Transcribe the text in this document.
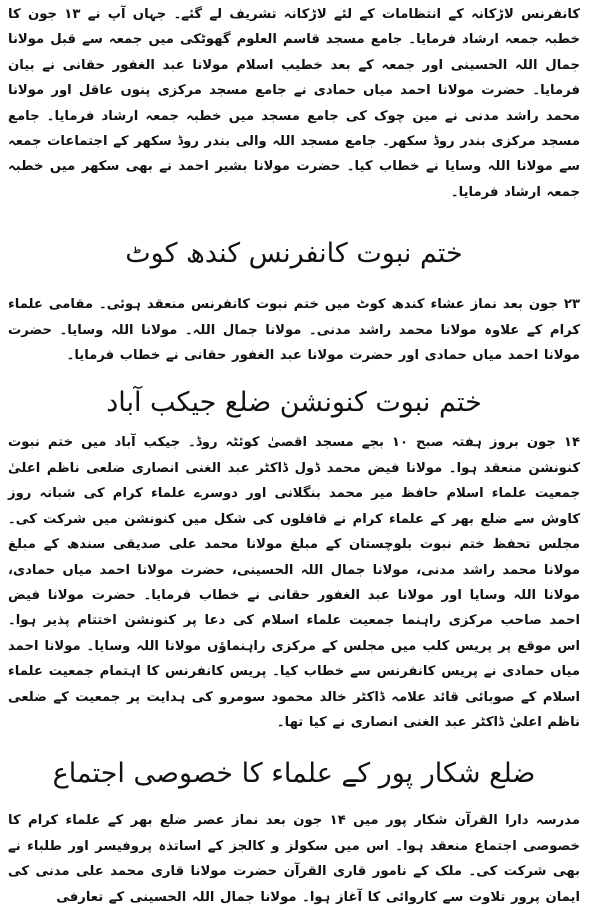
کانفرنس لاڑکانہ کے انتظامات کے لئے لاڑکانہ تشریف لے گئے۔ جہاں آپ نے ۱۳ جون کا خطبہ جمعہ ارشاد فرمایا۔ جامع مسجد قاسم العلوم گھوٹکی میں جمعہ سے قبل مولانا جمال اللہ الحسینی اور جمعہ کے بعد خطیب اسلام مولانا عبد الغفور حقانی نے بیان فرمایا۔ حضرت مولانا احمد میاں حمادی نے جامع مسجد مرکزی پنوں عاقل اور مولانا محمد راشد مدنی نے مین چوک کی جامع مسجد میں خطبہ جمعہ ارشاد فرمایا۔ جامع مسجد مرکزی بندر روڈ سکھر۔ جامع مسجد اللہ والی بندر روڈ سکھر کے اجتماعات جمعہ سے مولانا اللہ وسایا نے خطاب کیا۔ حضرت مولانا بشیر احمد نے بھی سکھر میں خطبہ جمعہ ارشاد فرمایا۔

ختم نبوت کانفرنس کندھ کوٹ

۲۳ جون بعد نماز عشاء کندھ کوٹ میں ختم نبوت کانفرنس منعقد ہوئی۔ مقامی علماء کرام کے علاوہ مولانا محمد راشد مدنی۔ مولانا جمال اللہ۔ مولانا اللہ وسایا۔ حضرت مولانا احمد میاں حمادی اور حضرت مولانا عبد الغفور حقانی نے خطاب فرمایا۔

ختم نبوت کنونشن ضلع جیکب آباد

۱۴ جون بروز ہفتہ صبح ۱۰ بجے مسجد اقصیٰ کوئٹہ روڈ۔ جیکب آباد میں ختم نبوت کنونشن منعقد ہوا۔ مولانا فیض محمد ڈول ڈاکٹر عبد الغنی انصاری ضلعی ناظم اعلیٰ جمعیت علماء اسلام حافظ میر محمد بنگلانی اور دوسرے علماء کرام کی شبانہ روز کاوش سے ضلع بھر کے علماء کرام نے قافلوں کی شکل میں کنونشن میں شرکت کی۔ مجلس تحفظ ختم نبوت بلوچستان کے مبلغ مولانا محمد علی صدیقی سندھ کے مبلغ مولانا محمد راشد مدنی، مولانا جمال اللہ الحسینی، حضرت مولانا احمد میاں حمادی، مولانا اللہ وسایا اور مولانا عبد الغفور حقانی نے خطاب فرمایا۔ حضرت مولانا فیض احمد صاحب مرکزی راہنما جمعیت علماء اسلام کی دعا پر کنونشن اختتام پذیر ہوا۔ اس موقع پر پریس کلب میں مجلس کے مرکزی راہنماؤں مولانا اللہ وسایا۔ مولانا احمد میاں حمادی نے پریس کانفرنس سے خطاب کیا۔ پریس کانفرنس کا اہتمام جمعیت علماء اسلام کے صوبائی قائد علامہ ڈاکٹر خالد محمود سومرو کی ہدایت پر جمعیت کے ضلعی ناظم اعلیٰ ڈاکٹر عبد الغنی انصاری نے کیا تھا۔

ضلع شکار پور کے علماء کا خصوصی اجتماع

مدرسہ دارا القرآن شکار پور میں ۱۴ جون بعد نماز عصر ضلع بھر کے علماء کرام کا خصوصی اجتماع منعقد ہوا۔ اس میں سکولز و کالجز کے اساتذہ پروفیسر اور طلباء نے بھی شرکت کی۔ ملک کے نامور قاری القرآن حضرت مولانا قاری محمد علی مدنی کی ایمان پرور تلاوت سے کاروائی کا آغاز ہوا۔ مولانا جمال اللہ الحسینی کے تعارفی
